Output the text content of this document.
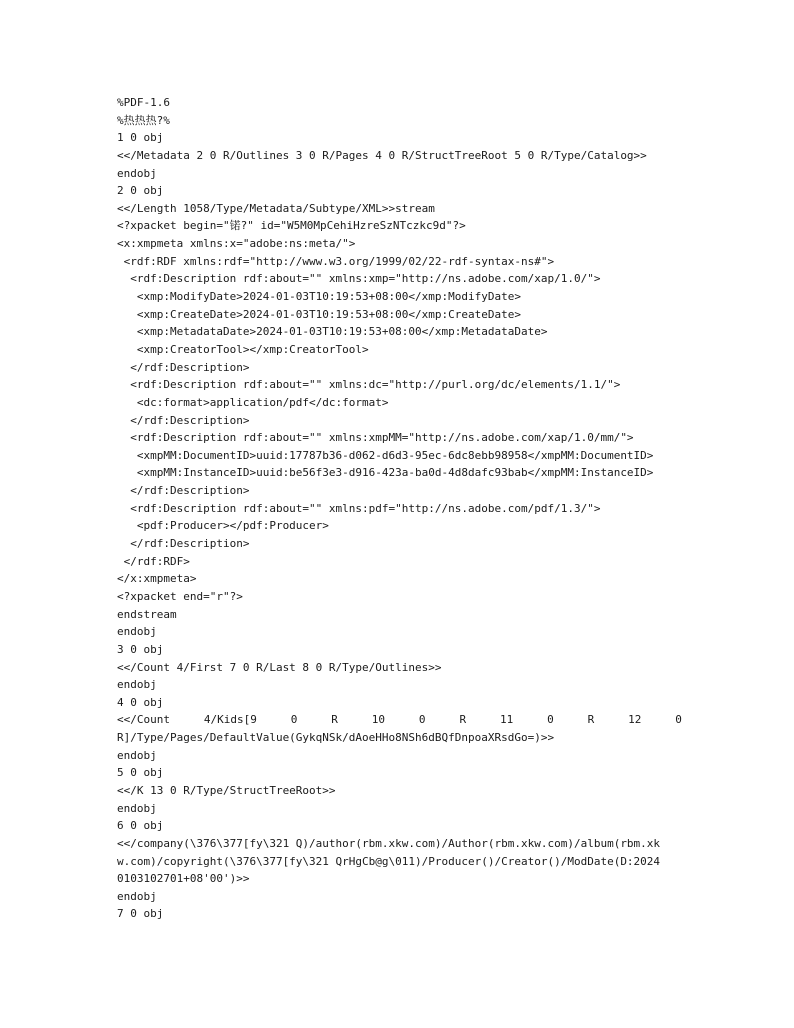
%PDF-1.6
%热热热?%
1 0 obj
<</Metadata 2 0 R/Outlines 3 0 R/Pages 4 0 R/StructTreeRoot 5 0 R/Type/Catalog>>
endobj
2 0 obj
<</Length 1058/Type/Metadata/Subtype/XML>>stream
<?xpacket begin="锘?" id="W5M0MpCehiHzreSzNTczkc9d"?>
<x:xmpmeta xmlns:x="adobe:ns:meta/">
<rdf:RDF xmlns:rdf="http://www.w3.org/1999/02/22-rdf-syntax-ns#">
<rdf:Description rdf:about="" xmlns:xmp="http://ns.adobe.com/xap/1.0/">
<xmp:ModifyDate>2024-01-03T10:19:53+08:00</xmp:ModifyDate>
<xmp:CreateDate>2024-01-03T10:19:53+08:00</xmp:CreateDate>
<xmp:MetadataDate>2024-01-03T10:19:53+08:00</xmp:MetadataDate>
<xmp:CreatorTool></xmp:CreatorTool>
</rdf:Description>
<rdf:Description rdf:about="" xmlns:dc="http://purl.org/dc/elements/1.1/">
<dc:format>application/pdf</dc:format>
</rdf:Description>
<rdf:Description rdf:about="" xmlns:xmpMM="http://ns.adobe.com/xap/1.0/mm/">
<xmpMM:DocumentID>uuid:17787b36-d062-d6d3-95ec-6dc8ebb98958</xmpMM:DocumentID>
<xmpMM:InstanceID>uuid:be56f3e3-d916-423a-ba0d-4d8dafc93bab</xmpMM:InstanceID>
</rdf:Description>
<rdf:Description rdf:about="" xmlns:pdf="http://ns.adobe.com/pdf/1.3/">
<pdf:Producer></pdf:Producer>
</rdf:Description>
</rdf:RDF>
</x:xmpmeta>
<?xpacket end="r"?>
endstream
endobj
3 0 obj
<</Count 4/First 7 0 R/Last 8 0 R/Type/Outlines>>
endobj
4 0 obj
<</Count	4/Kids[9	0	R	10	0	R	11	0	R	12	0
R]/Type/Pages/DefaultValue(GykqNSk/dAoeHHo8NSh6dBQfDnpoaXRsdGo=)>>
endobj
5 0 obj
<</K 13 0 R/Type/StructTreeRoot>>
endobj
6 0 obj
<</company(\376\377[fy\321 Q)/author(rbm.xkw.com)/Author(rbm.xkw.com)/album(rbm.xk
w.com)/copyright(\376\377[fy\321 QrHgCb@g\011)/Producer()/Creator()/ModDate(D:2024
0103102701+08'00')>>
endobj
7 0 obj
